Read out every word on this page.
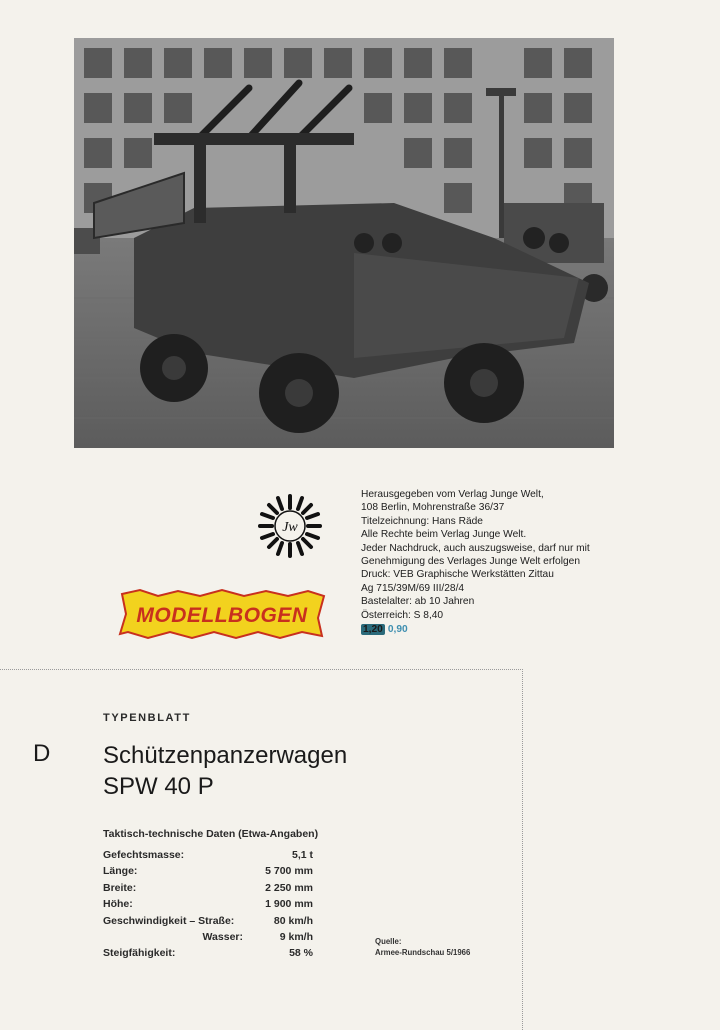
Jw
Herausgegeben vom Verlag Junge Welt,
108 Berlin, Mohrenstraße 36/37
Titelzeichnung: Hans Räde
Alle Rechte beim Verlag Junge Welt.
Jeder Nachdruck, auch auszugsweise, darf nur mit
Genehmigung des Verlages Junge Welt erfolgen
Druck: VEB Graphische Werkstätten Zittau
Ag 715/39M/69 III/28/4
Bastelalter: ab 10 Jahren
Österreich: S 8,40
1,20 0,90
MODELLBOGEN
TYPENBLATT
D Schützenpanzerwagen
SPW 40 P
Taktisch-technische Daten (Etwa-Angaben)
Gefechtsmasse:	5,1 t
Länge:	5 700 mm
Breite:	2 250 mm
Höhe:	1 900 mm
Geschwindigkeit – Straße:	80 km/h
Wasser:	9 km/h
Steigfähigkeit:	58 %
Quelle:
Armee-Rundschau 5/1966
